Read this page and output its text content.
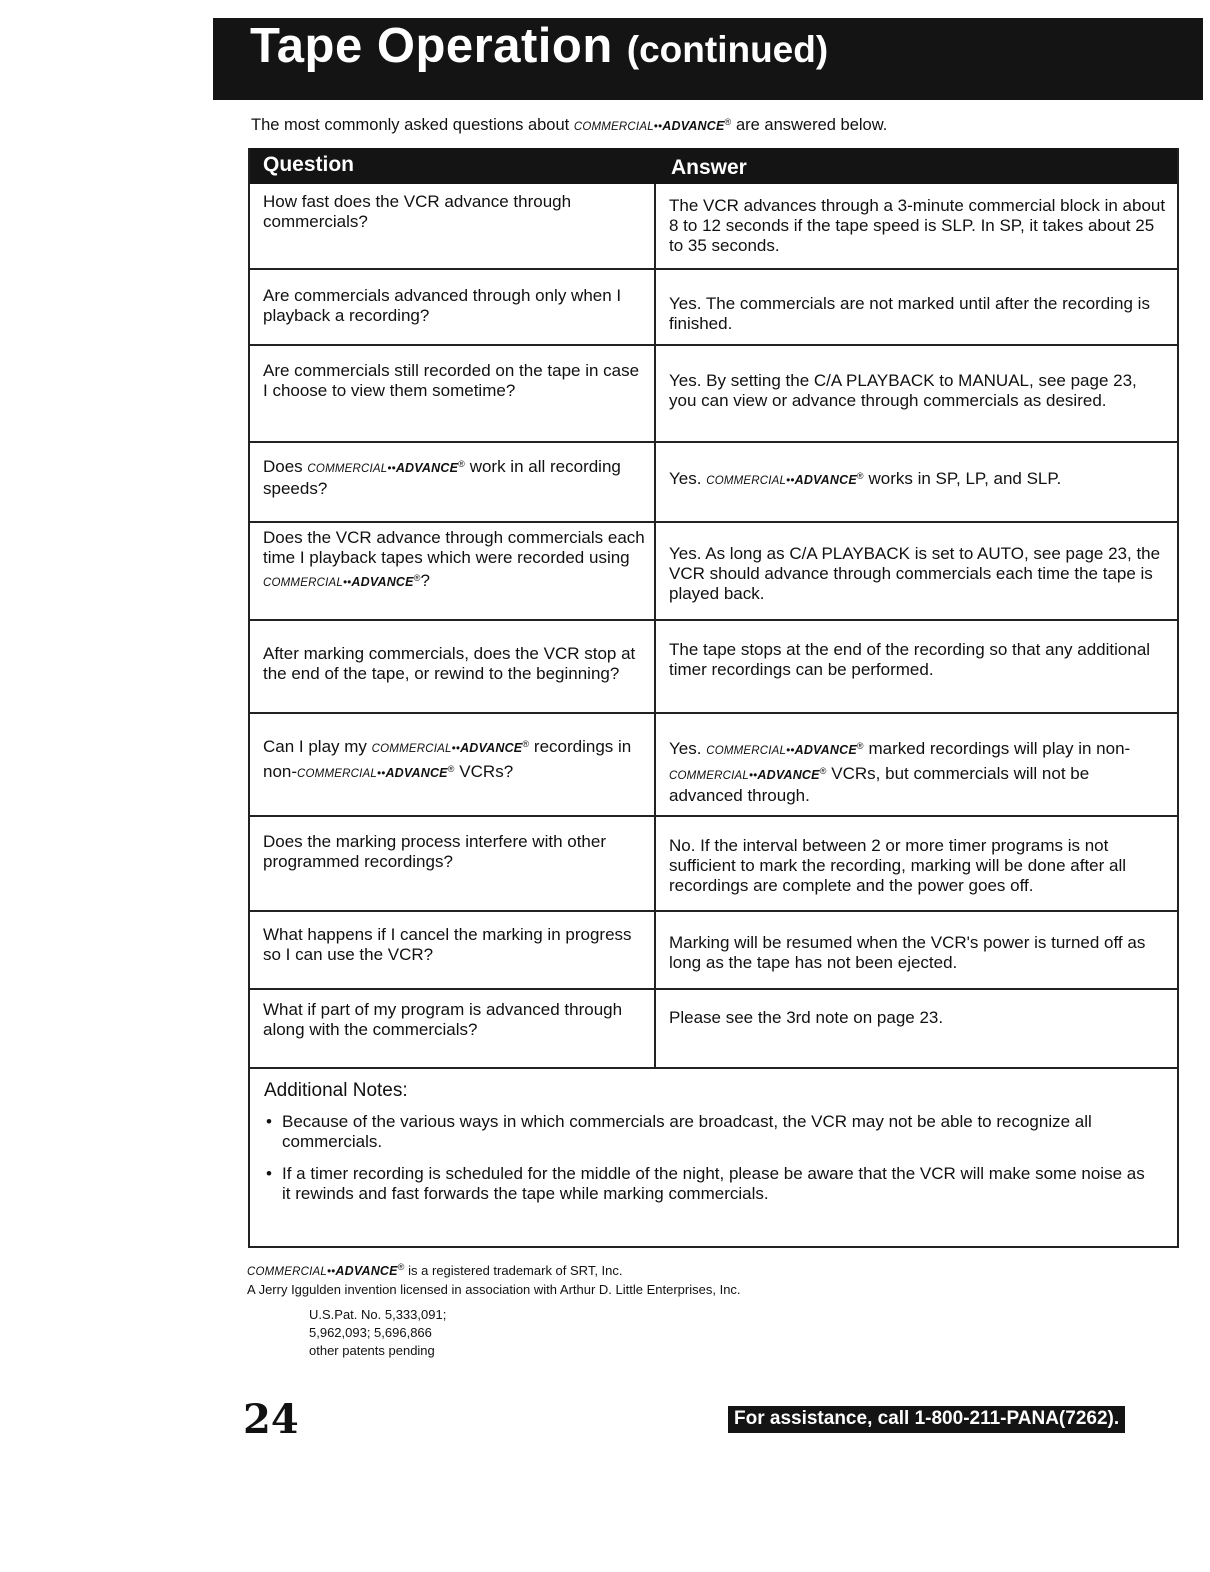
Tape Operation (continued)
The most commonly asked questions about COMMERCIAL••ADVANCE® are answered below.
Question	Answer
How fast does the VCR advance through commercials?
The VCR advances through a 3-minute commercial block in about 8 to 12 seconds if the tape speed is SLP. In SP, it takes about 25 to 35 seconds.
Are commercials advanced through only when I playback a recording?
Yes. The commercials are not marked until after the recording is finished.
Are commercials still recorded on the tape in case I choose to view them sometime?
Yes. By setting the C/A PLAYBACK to MANUAL, see page 23, you can view or advance through commercials as desired.
Does COMMERCIAL••ADVANCE® work in all recording speeds?
Yes. COMMERCIAL••ADVANCE® works in SP, LP, and SLP.
Does the VCR advance through commercials each time I playback tapes which were recorded using COMMERCIAL••ADVANCE®?
Yes. As long as C/A PLAYBACK is set to AUTO, see page 23, the VCR should advance through commercials each time the tape is played back.
After marking commercials, does the VCR stop at the end of the tape, or rewind to the beginning?
The tape stops at the end of the recording so that any additional timer recordings can be performed.
Can I play my COMMERCIAL••ADVANCE® recordings in non-COMMERCIAL••ADVANCE® VCRs?
Yes. COMMERCIAL••ADVANCE® marked recordings will play in non-COMMERCIAL••ADVANCE® VCRs, but commercials will not be advanced through.
Does the marking process interfere with other programmed recordings?
No. If the interval between 2 or more timer programs is not sufficient to mark the recording, marking will be done after all recordings are complete and the power goes off.
What happens if I cancel the marking in progress so I can use the VCR?
Marking will be resumed when the VCR's power is turned off as long as the tape has not been ejected.
What if part of my program is advanced through along with the commercials?
Please see the 3rd note on page 23.
Additional Notes:
• Because of the various ways in which commercials are broadcast, the VCR may not be able to recognize all commercials.
• If a timer recording is scheduled for the middle of the night, please be aware that the VCR will make some noise as it rewinds and fast forwards the tape while marking commercials.
COMMERCIAL••ADVANCE® is a registered trademark of SRT, Inc.
A Jerry Iggulden invention licensed in association with Arthur D. Little Enterprises, Inc.
U.S.Pat. No. 5,333,091;
5,962,093; 5,696,866
other patents pending
24	For assistance, call 1-800-211-PANA(7262).
